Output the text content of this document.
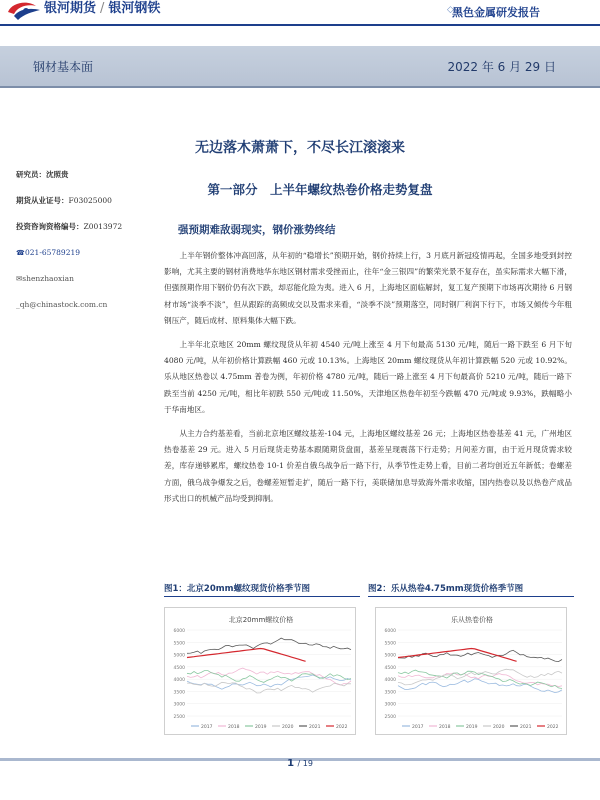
银河期货 / 银河钢铁	◇
黑色金属研发报告
钢材基本面	2022 年 6 月 29 日
无边落木萧萧下，不尽长江滚滚来
第一部分　上半年螺纹热卷价格走势复盘
强预期难敌弱现实，钢价涨势终结
研究员：沈照贵
期货从业证号：F03025000
投资咨询资格编号：Z0013972
☎021-65789219
✉shenzhaoxian
_qh@chinastock.com.cn

上半年钢价整体冲高回落，从年初的“稳增长”预期开始，钢价持续上行，3 月底月新冠疫情再起，全国多地受到封控影响，尤其主要的钢材消费地华东地区钢材需求受挫而止，往年“金三银四”的繁荣光景不复存在，虽实际需求大幅下滑，但强预期作用下钢价仍有次下跌，却忍能化险为夷。进入 6 月，上海地区面临解封，复工复产预期下市场再次期待 6 月钢材市场“淡季不淡”，但从跟踪的高频成交以及需求来看，“淡季不淡”预期落空，同时钢厂利润下行下，市场又倾传今年粗钢压产，随后成材、原料集体大幅下跌。

上半年北京地区 20mm 螺纹现货从年初 4540 元/吨上涨至 4 月下旬最高 5130 元/吨，随后一路下跌至 6 月下旬 4080 元/吨，从年初价格计算跌幅 460 元或 10.13%。上海地区 20mm 螺纹现货从年初计算跌幅 520 元或 10.92%。乐从地区热卷以 4.75mm 普卷为例，年初价格 4780 元/吨，随后一路上涨至 4 月下旬最高价 5210 元/吨，随后一路下跌至当前 4250 元/吨，相比年初跌 550 元/吨或 11.50%，天津地区热卷年初至今跌幅 470 元/吨或 9.93%，跌幅略小于华南地区。

从主力合约基差看，当前北京地区螺纹基差-104 元，上海地区螺纹基差 26 元；上海地区热卷基差 41 元，广州地区热卷基差 29 元。进入 5 月后现货走势基本跟随期货盘面，基差呈现震荡下行走势；月间差方面，由于近月现货需求较差，库存递够累库，螺纹热卷 10-1 价差自俄乌战争后一路下行，从季节性走势上看，目前二者均创近五年新低；卷螺差方面，俄乌战争爆发之后，卷螺差短暂走扩，随后一路下行，美联储加息导致海外需求收缩，国内热卷以及以热卷产成品形式出口的机械产品均受到抑制。

图1：北京20mm螺纹现货价格季节图	图2：乐从热卷4.75mm现货价格季节图
北京20mm螺纹价格
6000
5500
5000
4500
4000
3500
3000
2500
2017	2018	2019	2020	2021	2022
乐从热卷价格
6000
5500
5000
4500
4000
3500
3000
2500
2017	2018	2019	2020	2021	2022
1 / 19
